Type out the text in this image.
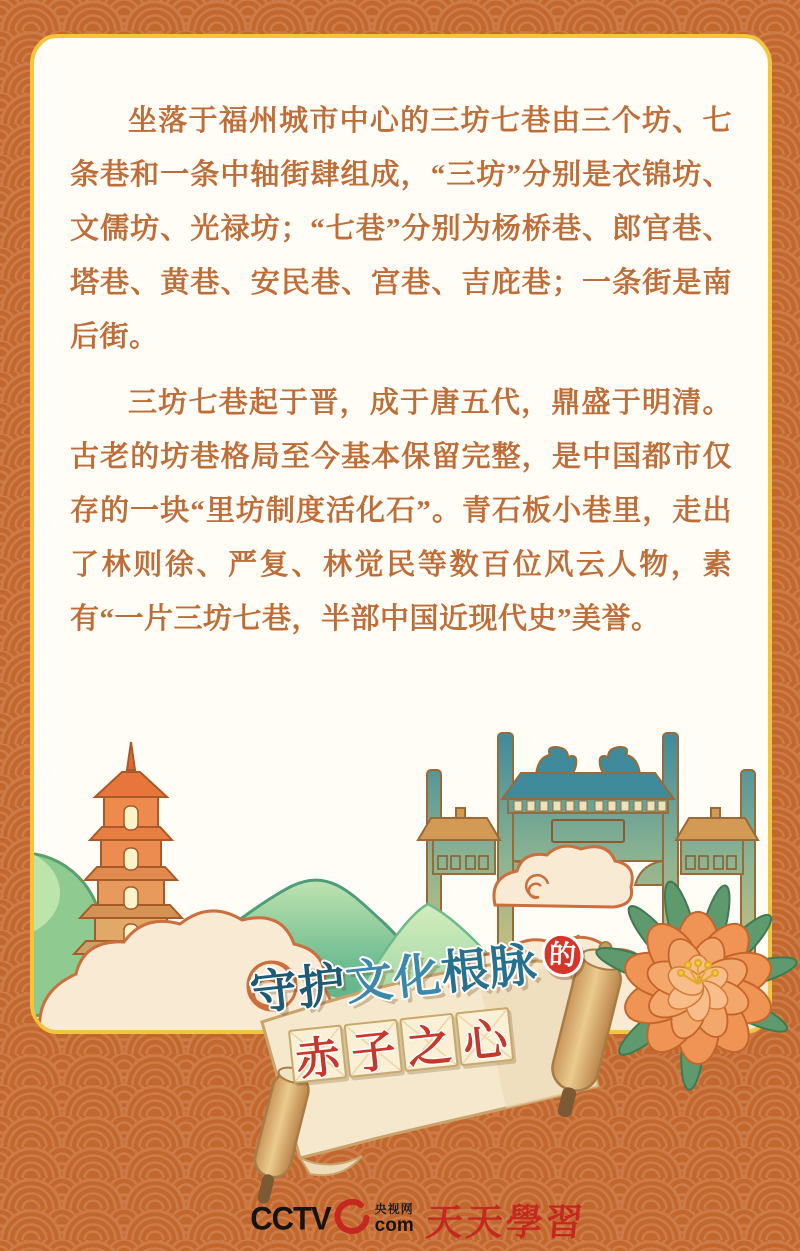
坐落于福州城市中心的三坊七巷由三个坊、七条巷和一条中轴街肆组成，“三坊”分别是衣锦坊、文儒坊、光禄坊；“七巷”分别为杨桥巷、郎官巷、塔巷、黄巷、安民巷、宫巷、吉庇巷；一条街是南后街。

三坊七巷起于晋，成于唐五代，鼎盛于明清。古老的坊巷格局至今基本保留完整，是中国都市仅存的一块“里坊制度活化石”。青石板小巷里，走出了林则徐、严复、林觉民等数百位风云人物，素有“一片三坊七巷，半部中国近现代史”美誉。

守
护
文
化
根
脉 的
赤 子 之 心
CCTV	央视网
com 天天學習
